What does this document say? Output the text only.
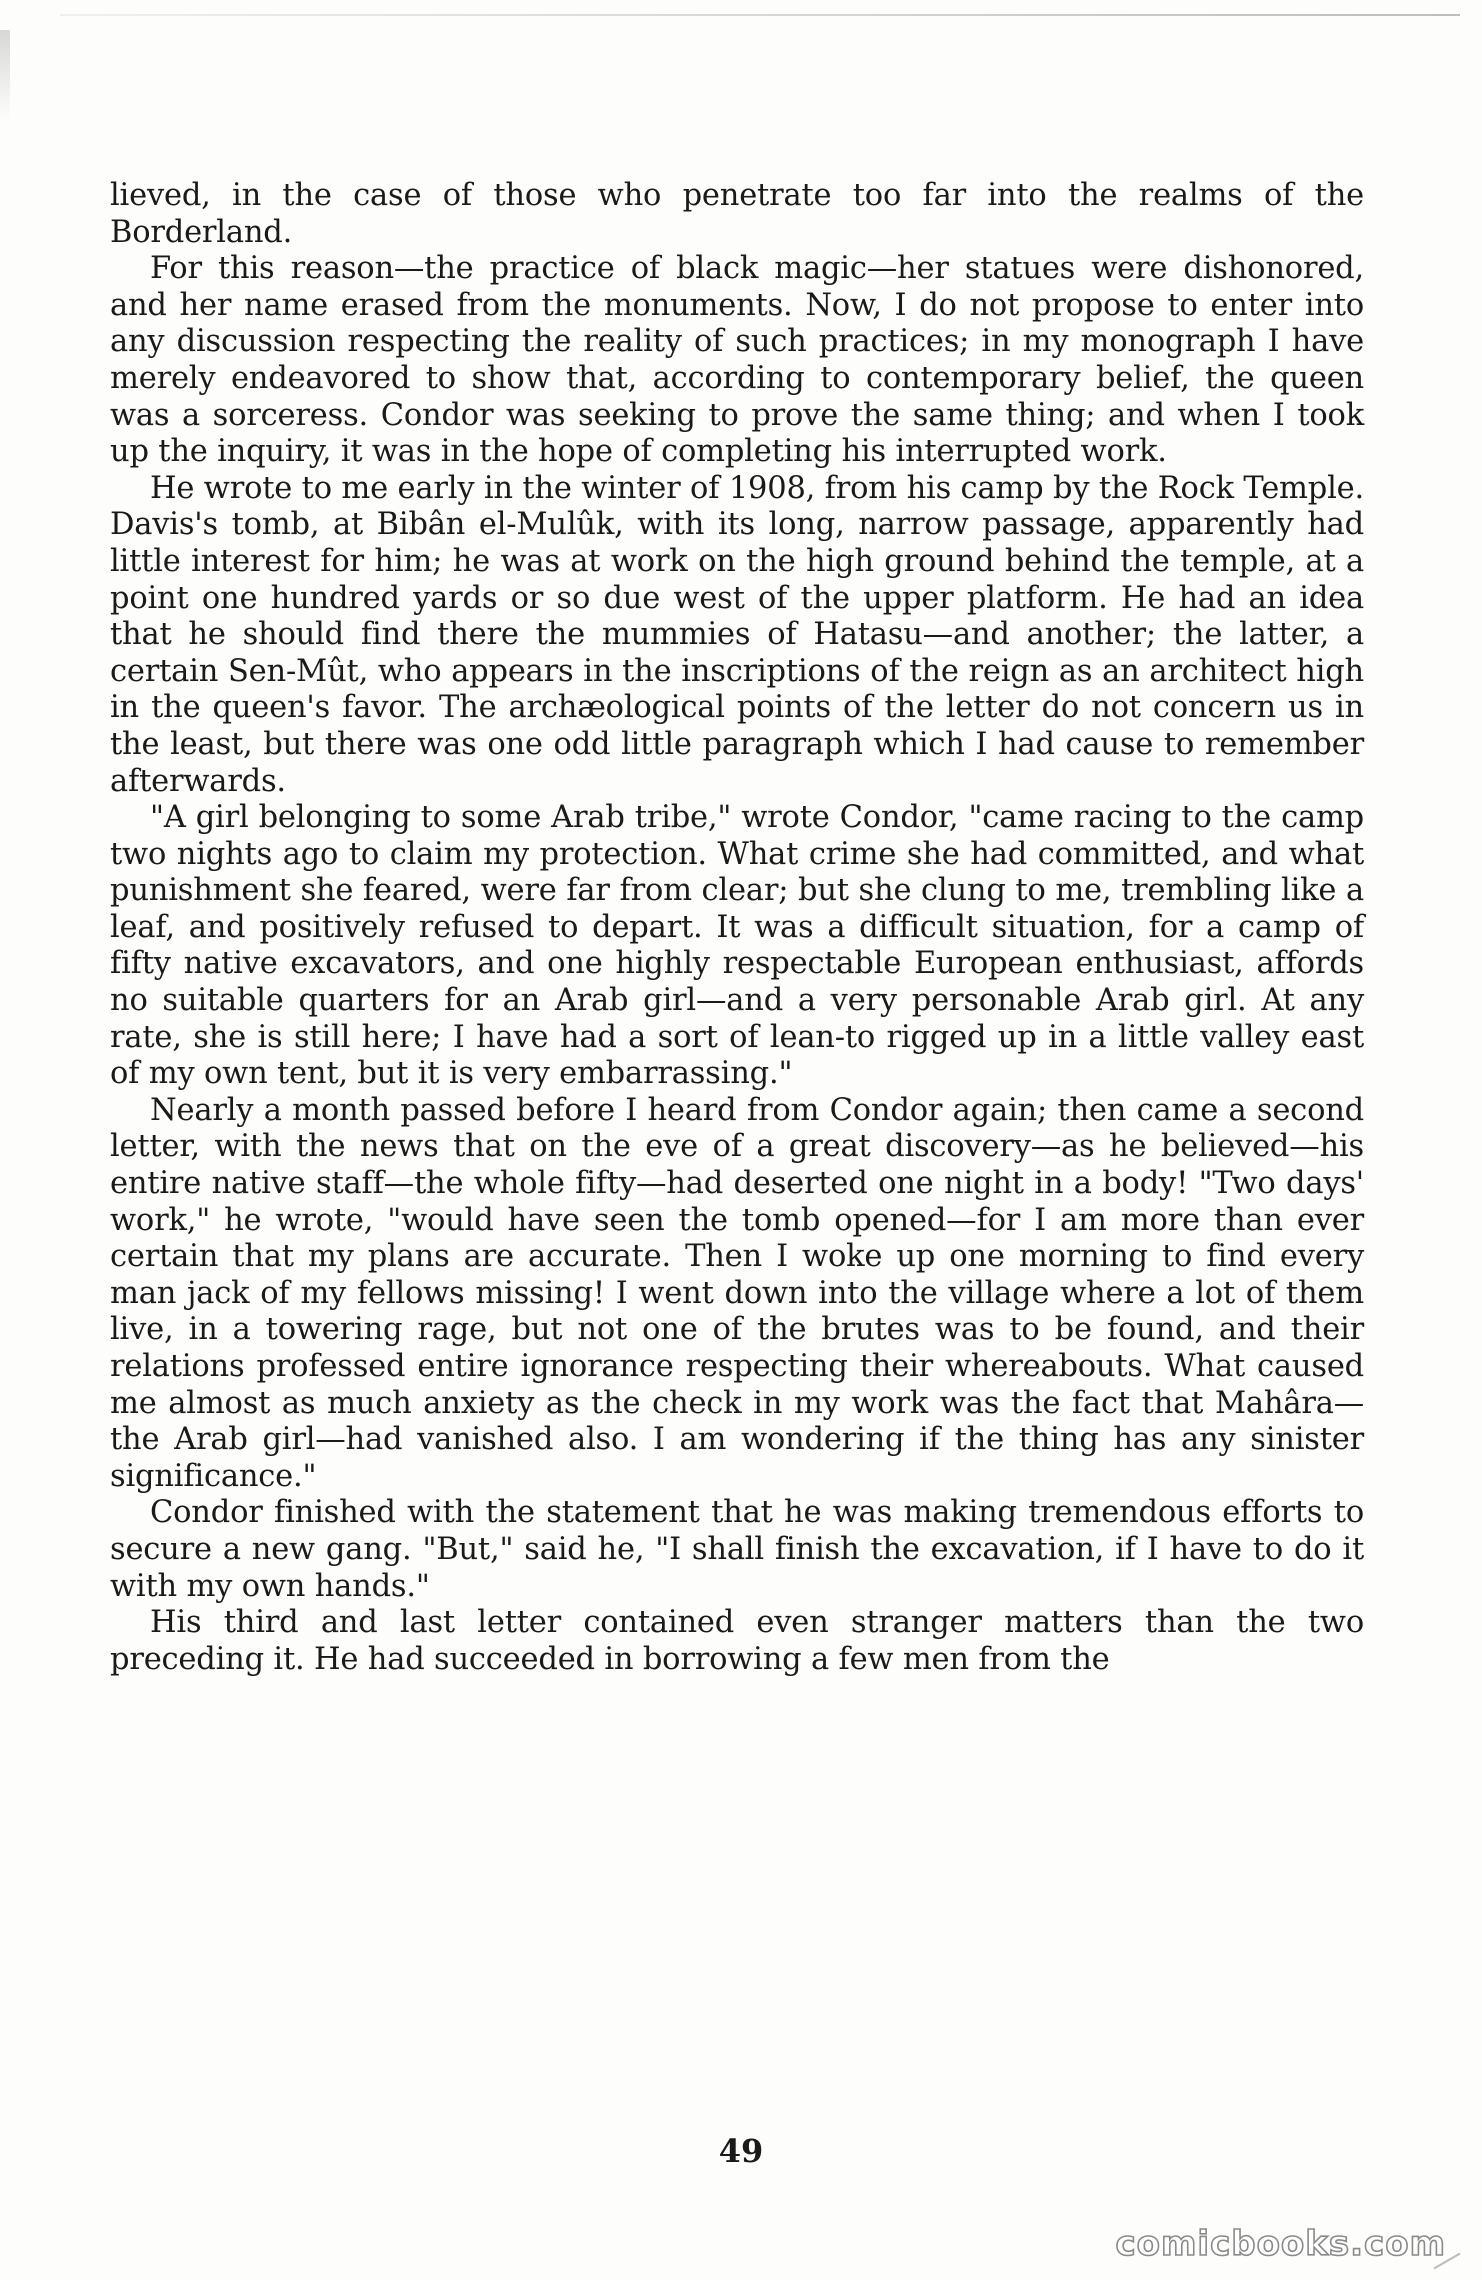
lieved, in the case of those who penetrate too far into the realms of the Borderland.

For this reason—the practice of black magic—her statues were dishonored, and her name erased from the monuments. Now, I do not propose to enter into any discussion respecting the reality of such practices; in my monograph I have merely endeavored to show that, according to contemporary belief, the queen was a sorceress. Condor was seeking to prove the same thing; and when I took up the inquiry, it was in the hope of completing his interrupted work.

He wrote to me early in the winter of 1908, from his camp by the Rock Temple. Davis's tomb, at Bibân el-Mulûk, with its long, narrow passage, apparently had little interest for him; he was at work on the high ground behind the temple, at a point one hundred yards or so due west of the upper platform. He had an idea that he should find there the mummies of Hatasu—and another; the latter, a certain Sen-Mût, who appears in the inscriptions of the reign as an architect high in the queen's favor. The archæological points of the letter do not concern us in the least, but there was one odd little paragraph which I had cause to remember afterwards.

"A girl belonging to some Arab tribe," wrote Condor, "came racing to the camp two nights ago to claim my protection. What crime she had committed, and what punishment she feared, were far from clear; but she clung to me, trembling like a leaf, and positively refused to depart. It was a difficult situation, for a camp of fifty native excavators, and one highly respectable European enthusiast, affords no suitable quarters for an Arab girl—and a very personable Arab girl. At any rate, she is still here; I have had a sort of lean-to rigged up in a little valley east of my own tent, but it is very embarrassing."

Nearly a month passed before I heard from Condor again; then came a second letter, with the news that on the eve of a great discovery—as he believed—his entire native staff—the whole fifty—had deserted one night in a body! "Two days' work," he wrote, "would have seen the tomb opened—for I am more than ever certain that my plans are accurate. Then I woke up one morning to find every man jack of my fellows missing! I went down into the village where a lot of them live, in a towering rage, but not one of the brutes was to be found, and their relations professed entire ignorance respecting their whereabouts. What caused me almost as much anxiety as the check in my work was the fact that Mahâra—the Arab girl—had vanished also. I am wondering if the thing has any sinister significance."

Condor finished with the statement that he was making tremendous efforts to secure a new gang. "But," said he, "I shall finish the excavation, if I have to do it with my own hands."

His third and last letter contained even stranger matters than the two preceding it. He had succeeded in borrowing a few men from the

49
comicbooks.com
